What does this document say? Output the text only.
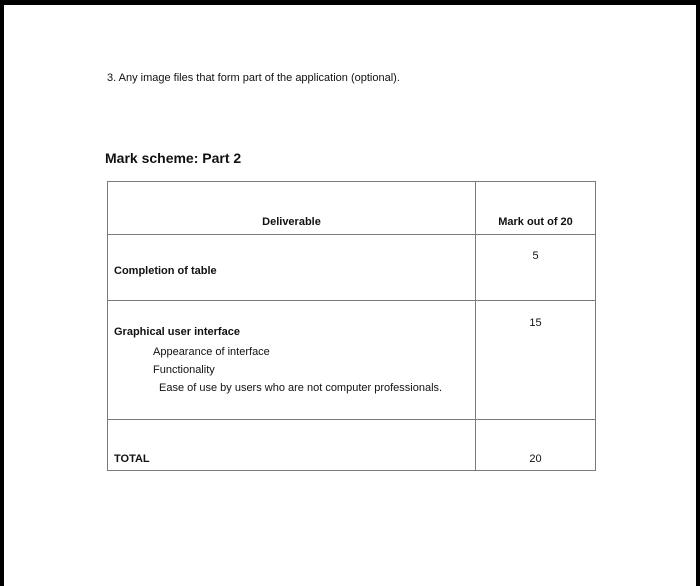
3. Any image files that form part of the application (optional).
Mark scheme: Part 2
Deliverable	Mark out of 20

Completion of table	5

Graphical user interface
Appearance of interface
Functionality
Ease of use by users who are not computer professionals.	15

TOTAL	20
